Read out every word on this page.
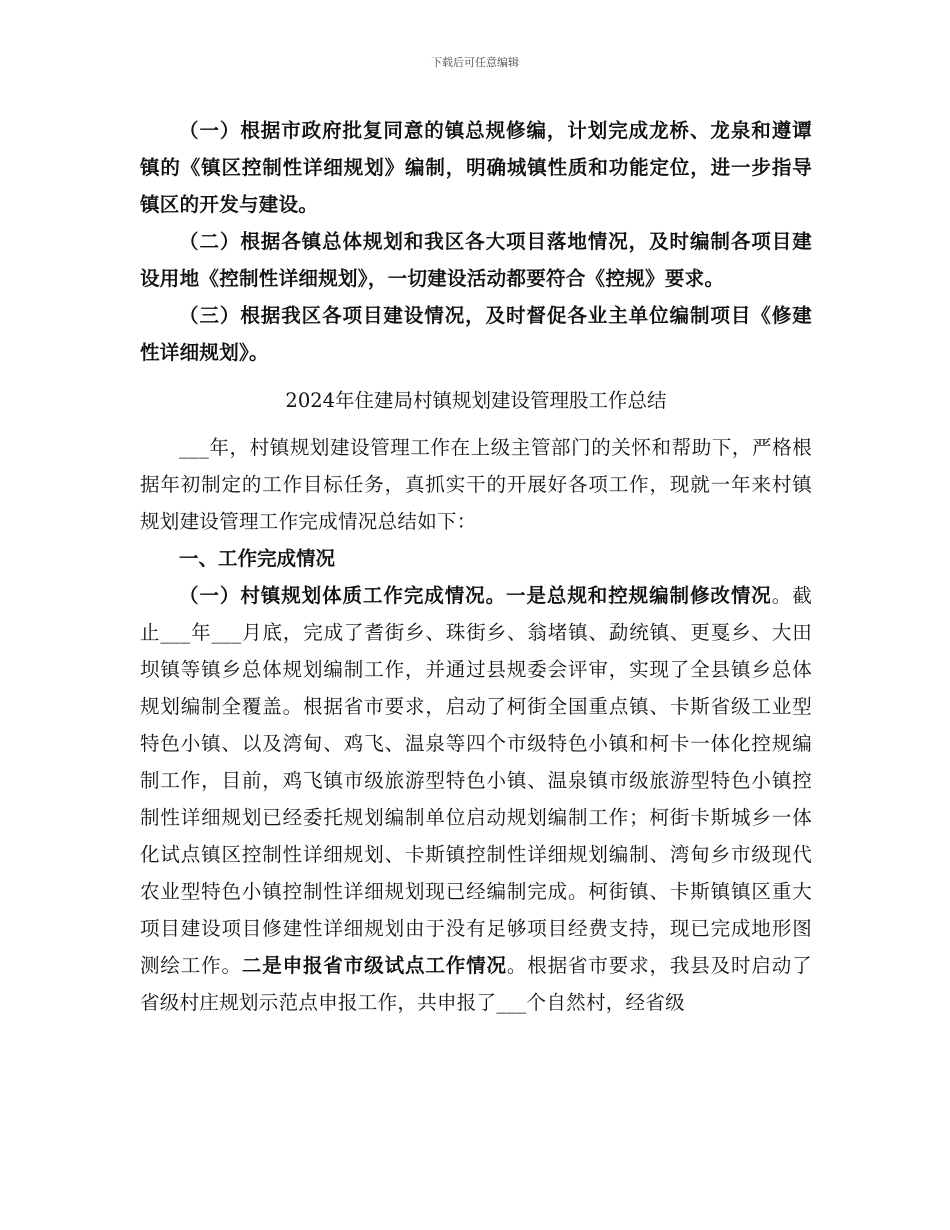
下载后可任意编辑

（一）根据市政府批复同意的镇总规修编，计划完成龙桥、龙泉和遵谭镇的《镇区控制性详细规划》编制，明确城镇性质和功能定位，进一步指导镇区的开发与建设。

（二）根据各镇总体规划和我区各大项目落地情况，及时编制各项目建设用地《控制性详细规划》，一切建设活动都要符合《控规》要求。

（三）根据我区各项目建设情况，及时督促各业主单位编制项目《修建性详细规划》。

2024年住建局村镇规划建设管理股工作总结

___年，村镇规划建设管理工作在上级主管部门的关怀和帮助下，严格根据年初制定的工作目标任务，真抓实干的开展好各项工作，现就一年来村镇规划建设管理工作完成情况总结如下：

一、工作完成情况

（一）村镇规划体质工作完成情况。一是总规和控规编制修改情况。截止___年___月底，完成了耆街乡、珠街乡、翁堵镇、勐统镇、更戛乡、大田坝镇等镇乡总体规划编制工作，并通过县规委会评审，实现了全县镇乡总体规划编制全覆盖。根据省市要求，启动了柯街全国重点镇、卡斯省级工业型特色小镇、以及湾甸、鸡飞、温泉等四个市级特色小镇和柯卡一体化控规编制工作，目前，鸡飞镇市级旅游型特色小镇、温泉镇市级旅游型特色小镇控制性详细规划已经委托规划编制单位启动规划编制工作；柯街卡斯城乡一体化试点镇区控制性详细规划、卡斯镇控制性详细规划编制、湾甸乡市级现代农业型特色小镇控制性详细规划现已经编制完成。柯街镇、卡斯镇镇区重大项目建设项目修建性详细规划由于没有足够项目经费支持，现已完成地形图测绘工作。二是申报省市级试点工作情况。根据省市要求，我县及时启动了省级村庄规划示范点申报工作，共申报了___个自然村，经省级
